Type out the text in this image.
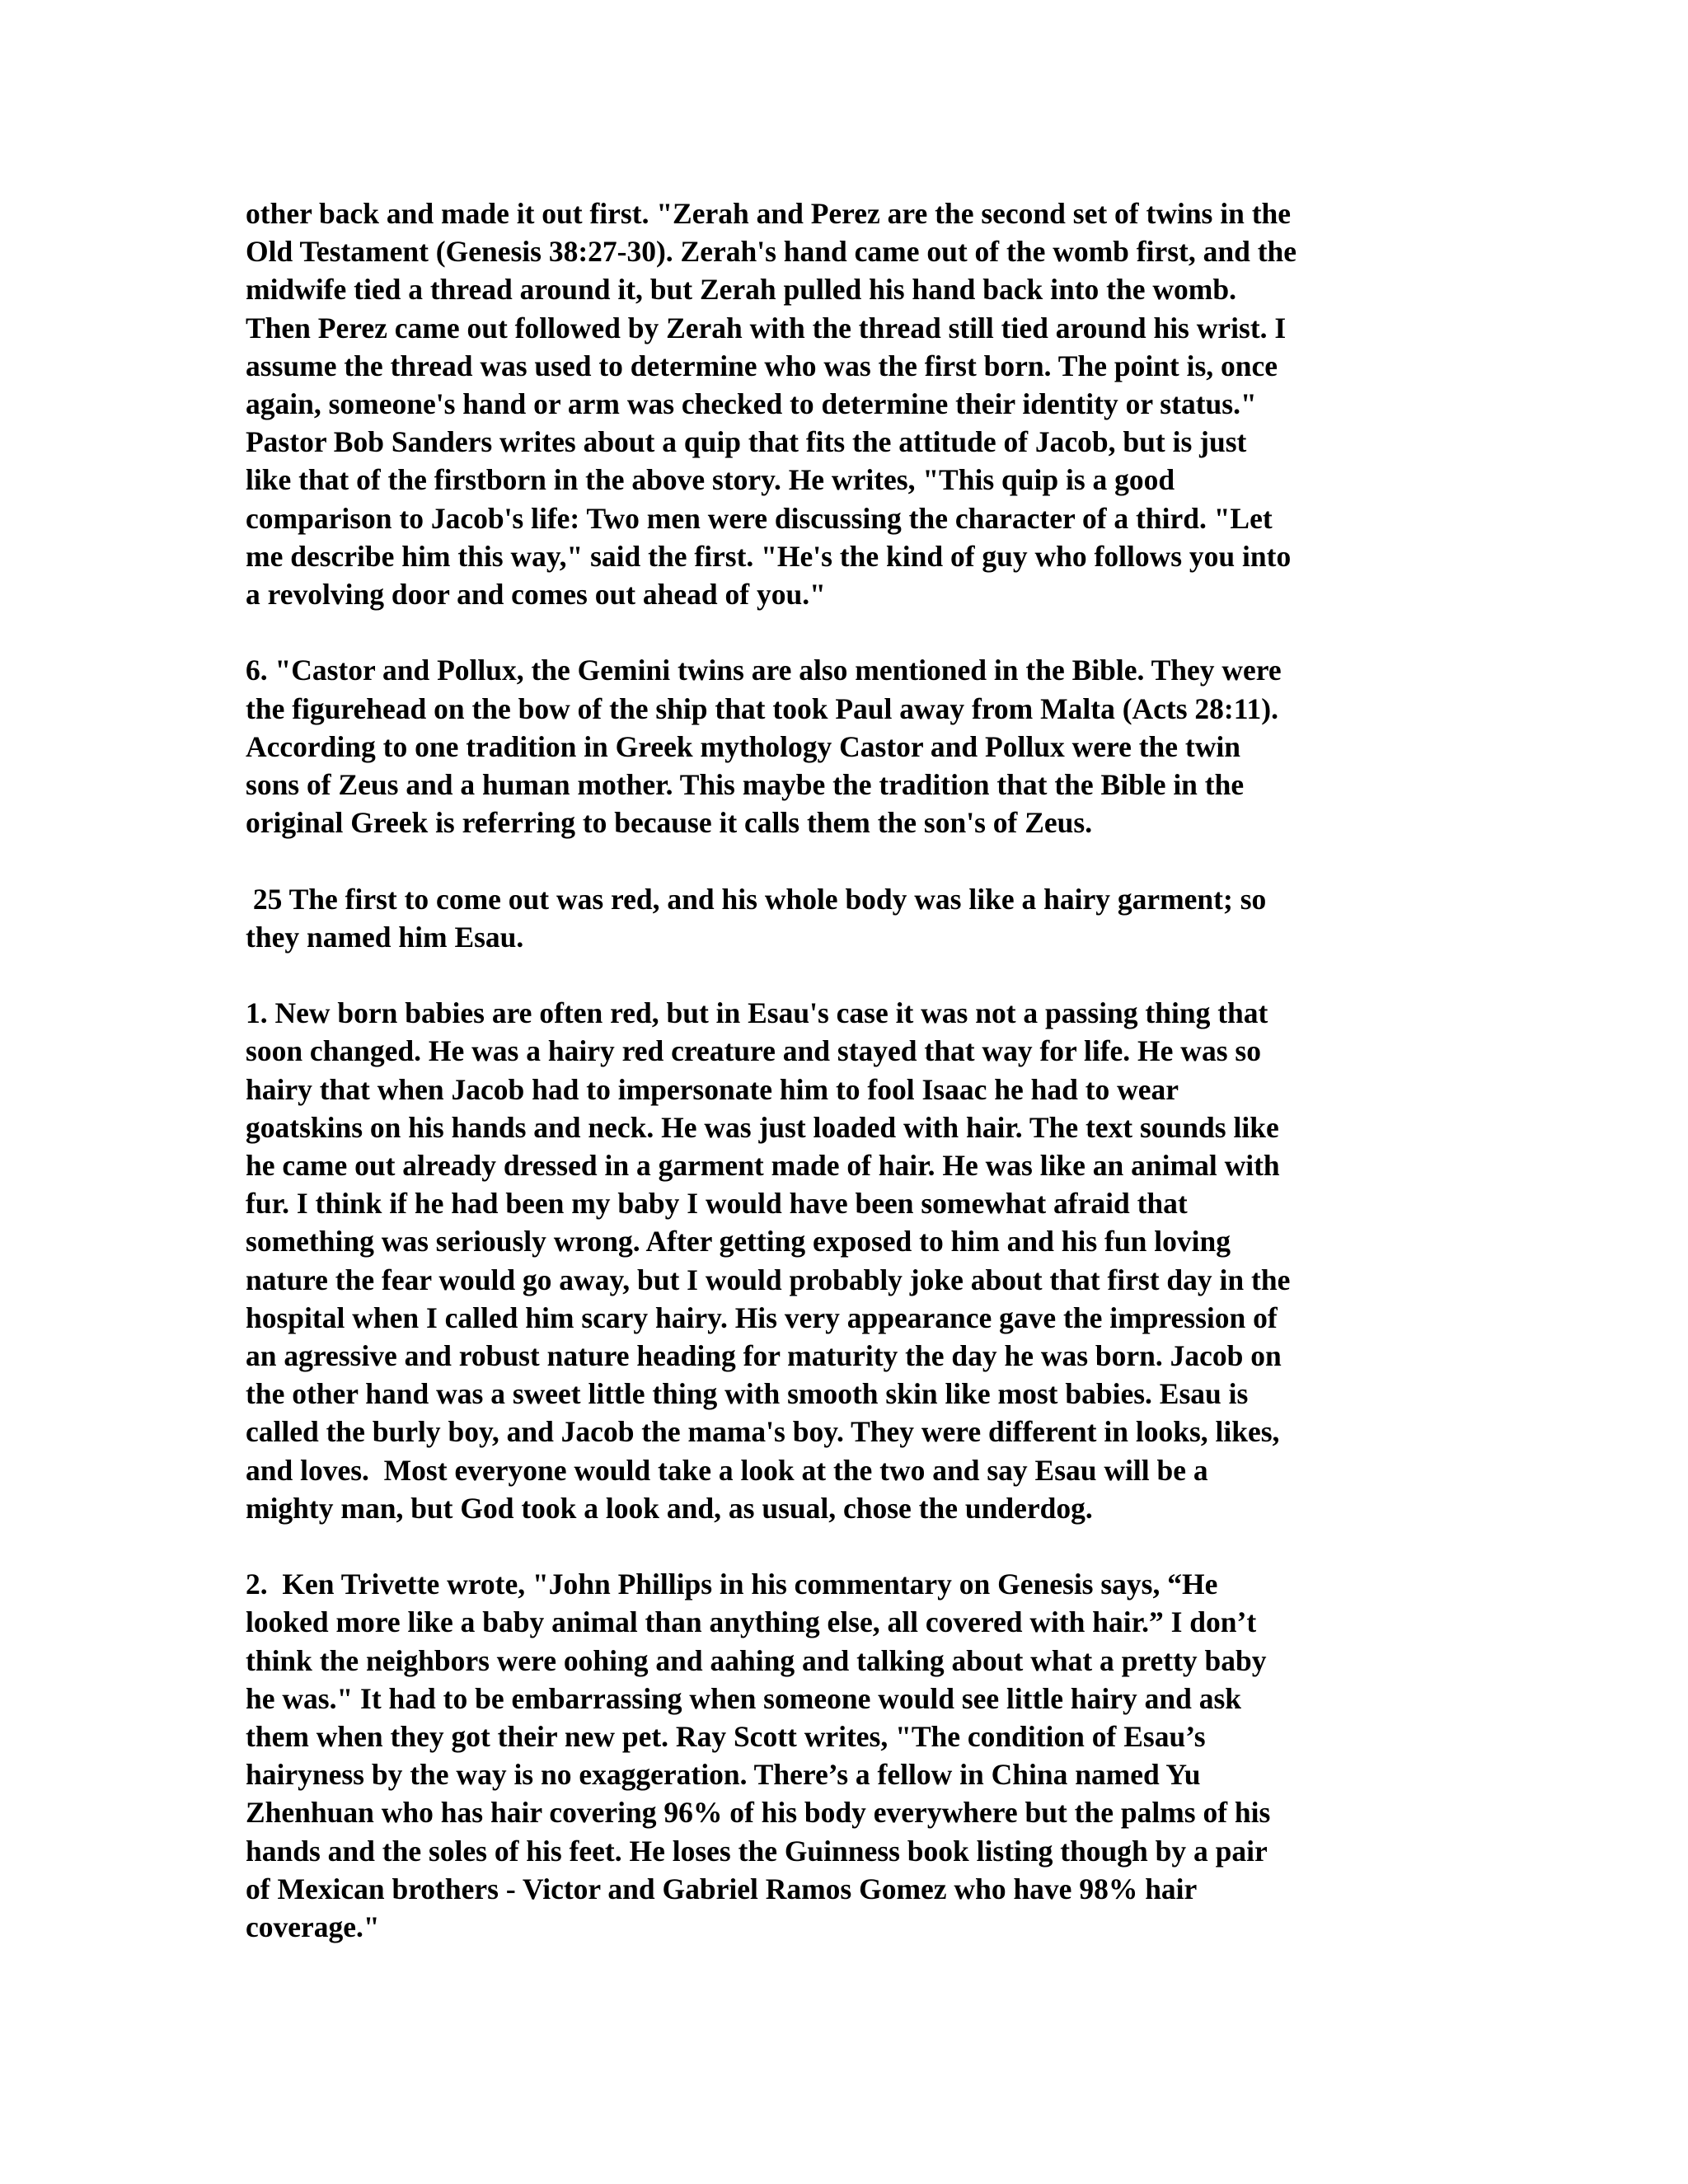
other back and made it out first. "Zerah and Perez are the second set of twins in the
Old Testament (Genesis 38:27-30). Zerah's hand came out of the womb first, and the
midwife tied a thread around it, but Zerah pulled his hand back into the womb.
Then Perez came out followed by Zerah with the thread still tied around his wrist. I
assume the thread was used to determine who was the first born. The point is, once
again, someone's hand or arm was checked to determine their identity or status."
Pastor Bob Sanders writes about a quip that fits the attitude of Jacob, but is just
like that of the firstborn in the above story. He writes, "This quip is a good
comparison to Jacob's life: Two men were discussing the character of a third. "Let
me describe him this way," said the first. "He's the kind of guy who follows you into
a revolving door and comes out ahead of you."

6. "Castor and Pollux, the Gemini twins are also mentioned in the Bible. They were
the figurehead on the bow of the ship that took Paul away from Malta (Acts 28:11).
According to one tradition in Greek mythology Castor and Pollux were the twin
sons of Zeus and a human mother. This maybe the tradition that the Bible in the
original Greek is referring to because it calls them the son's of Zeus.

25 The first to come out was red, and his whole body was like a hairy garment; so
they named him Esau.

1. New born babies are often red, but in Esau's case it was not a passing thing that
soon changed. He was a hairy red creature and stayed that way for life. He was so
hairy that when Jacob had to impersonate him to fool Isaac he had to wear
goatskins on his hands and neck. He was just loaded with hair. The text sounds like
he came out already dressed in a garment made of hair. He was like an animal with
fur. I think if he had been my baby I would have been somewhat afraid that
something was seriously wrong. After getting exposed to him and his fun loving
nature the fear would go away, but I would probably joke about that first day in the
hospital when I called him scary hairy. His very appearance gave the impression of
an agressive and robust nature heading for maturity the day he was born. Jacob on
the other hand was a sweet little thing with smooth skin like most babies. Esau is
called the burly boy, and Jacob the mama's boy. They were different in looks, likes,
and loves.  Most everyone would take a look at the two and say Esau will be a
mighty man, but God took a look and, as usual, chose the underdog.

2.  Ken Trivette wrote, "John Phillips in his commentary on Genesis says, “He
looked more like a baby animal than anything else, all covered with hair.” I don’t
think the neighbors were oohing and aahing and talking about what a pretty baby
he was." It had to be embarrassing when someone would see little hairy and ask
them when they got their new pet. Ray Scott writes, "The condition of Esau’s
hairyness by the way is no exaggeration. There’s a fellow in China named Yu
Zhenhuan who has hair covering 96% of his body everywhere but the palms of his
hands and the soles of his feet. He loses the Guinness book listing though by a pair
of Mexican brothers - Victor and Gabriel Ramos Gomez who have 98% hair
coverage."
